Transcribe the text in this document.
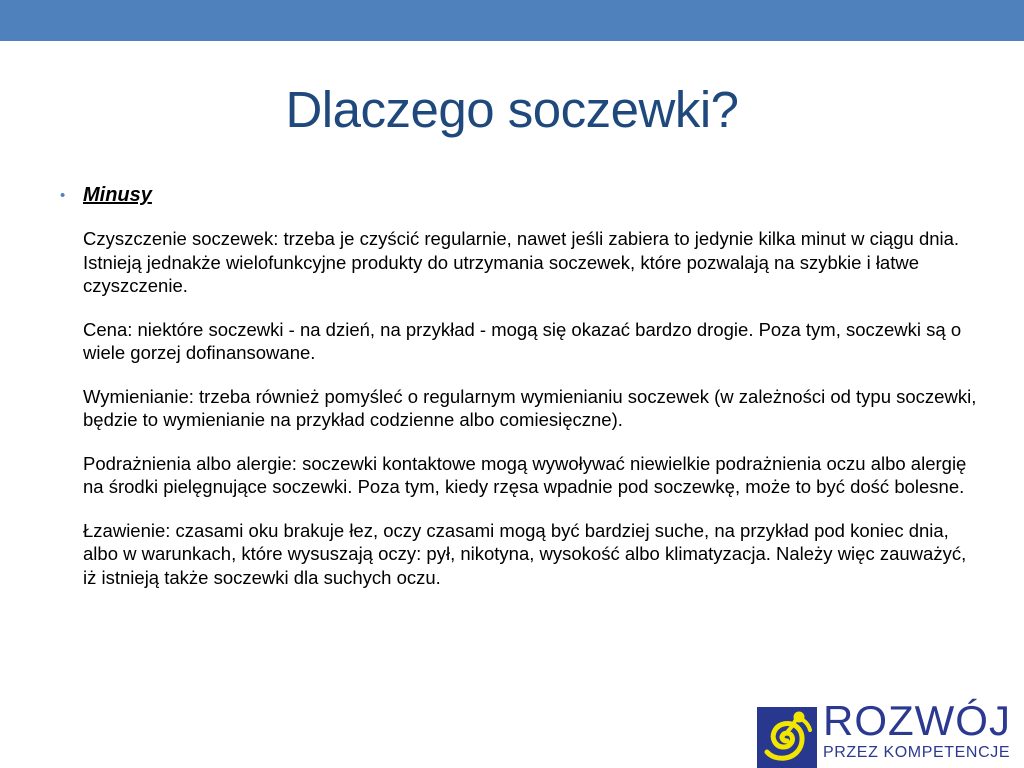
Dlaczego soczewki?
• Minusy

Czyszczenie soczewek: trzeba je czyścić regularnie, nawet jeśli zabiera to jedynie kilka minut w ciągu dnia. Istnieją jednakże wielofunkcyjne produkty do utrzymania soczewek, które pozwalają na szybkie i łatwe czyszczenie.

Cena: niektóre soczewki - na dzień, na przykład - mogą się okazać bardzo drogie. Poza tym, soczewki są o wiele gorzej dofinansowane.

Wymienianie: trzeba również pomyśleć o regularnym wymienianiu soczewek (w zależności od typu soczewki, będzie to wymienianie na przykład codzienne albo comiesięczne).

Podrażnienia albo alergie: soczewki kontaktowe mogą wywoływać niewielkie podrażnienia oczu albo alergię na środki pielęgnujące soczewki. Poza tym, kiedy rzęsa wpadnie pod soczewkę, może to być dość bolesne.

Łzawienie: czasami oku brakuje łez, oczy czasami mogą być bardziej suche, na przykład pod koniec dnia, albo w warunkach, które wysuszają oczy: pył, nikotyna, wysokość albo klimatyzacja. Należy więc zauważyć, iż istnieją także soczewki dla suchych oczu.

ROZWÓJ
PRZEZ KOMPETENCJE
